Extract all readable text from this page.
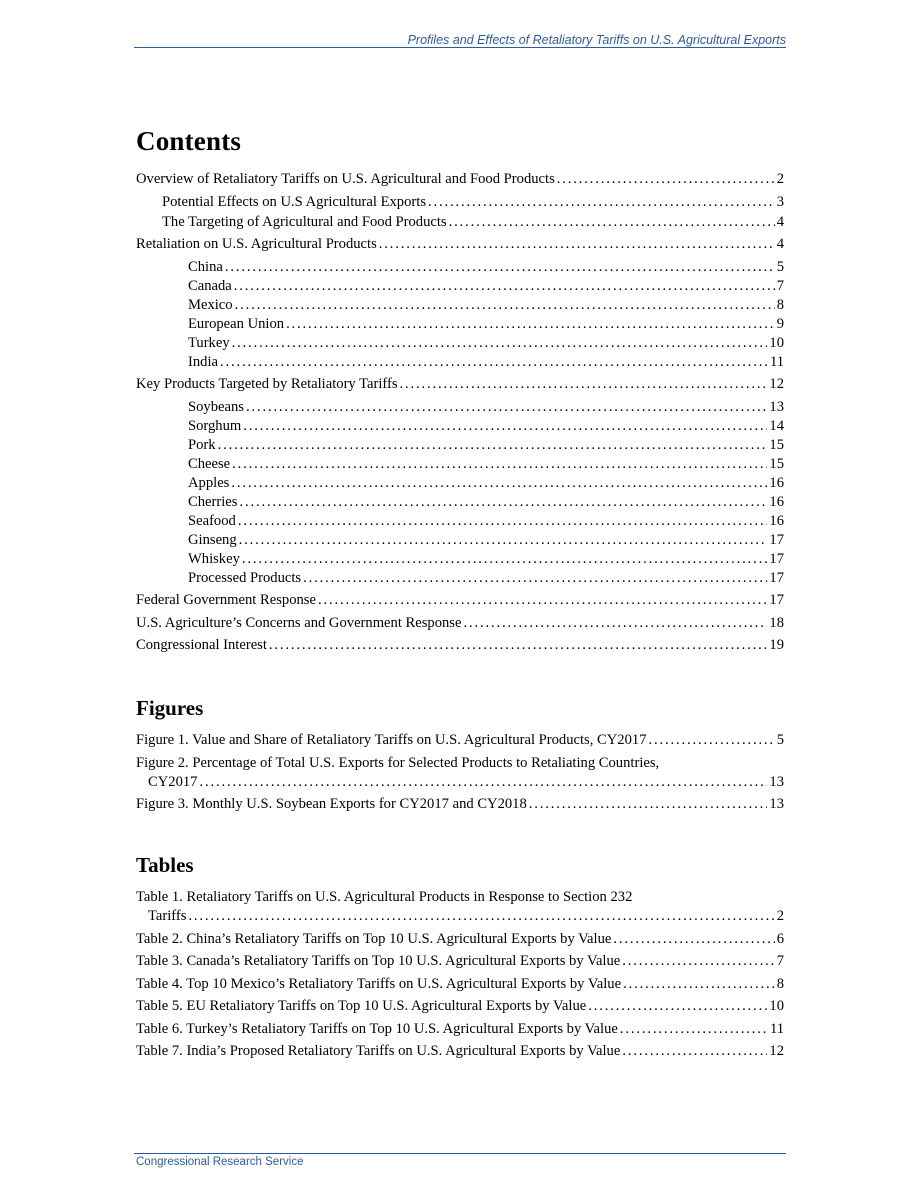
Profiles and Effects of Retaliatory Tariffs on U.S. Agricultural Exports
Contents
Overview of Retaliatory Tariffs on U.S. Agricultural and Food Products . . .	2
Potential Effects on U.S Agricultural Exports . . .	3
The Targeting of Agricultural and Food Products . . .	4
Retaliation on U.S. Agricultural Products . . .	4
China . . .	5
Canada . . .	7
Mexico . . .	8
European Union . . .	9
Turkey . . .	10
India . . .	11
Key Products Targeted by Retaliatory Tariffs . . .	12
Soybeans . . .	13
Sorghum . . .	14
Pork . . .	15
Cheese . . .	15
Apples . . .	16
Cherries . . .	16
Seafood . . .	16
Ginseng . . .	17
Whiskey . . .	17
Processed Products . . .	17
Federal Government Response . . .	17
U.S. Agriculture’s Concerns and Government Response . . .	18
Congressional Interest . . .	19
Figures
Figure 1. Value and Share of Retaliatory Tariffs on U.S. Agricultural Products, CY2017 . . .	5
Figure 2. Percentage of Total U.S. Exports for Selected Products to Retaliating Countries,
CY2017 . . .	13
Figure 3. Monthly U.S. Soybean Exports for CY2017 and CY2018 . . .	13
Tables
Table 1. Retaliatory Tariffs on U.S. Agricultural Products in Response to Section 232
Tariffs . . .	2
Table 2. China’s Retaliatory Tariffs on Top 10 U.S. Agricultural Exports by Value . . .	6
Table 3. Canada’s Retaliatory Tariffs on Top 10 U.S. Agricultural Exports by Value . . .	7
Table 4. Top 10 Mexico’s Retaliatory Tariffs on U.S. Agricultural Exports by Value . . .	8
Table 5. EU Retaliatory Tariffs on Top 10 U.S. Agricultural Exports by Value . . .	10
Table 6. Turkey’s Retaliatory Tariffs on Top 10 U.S. Agricultural Exports by Value . . .	11
Table 7. India’s Proposed Retaliatory Tariffs on U.S. Agricultural Exports by Value . . .	12
Congressional Research Service
